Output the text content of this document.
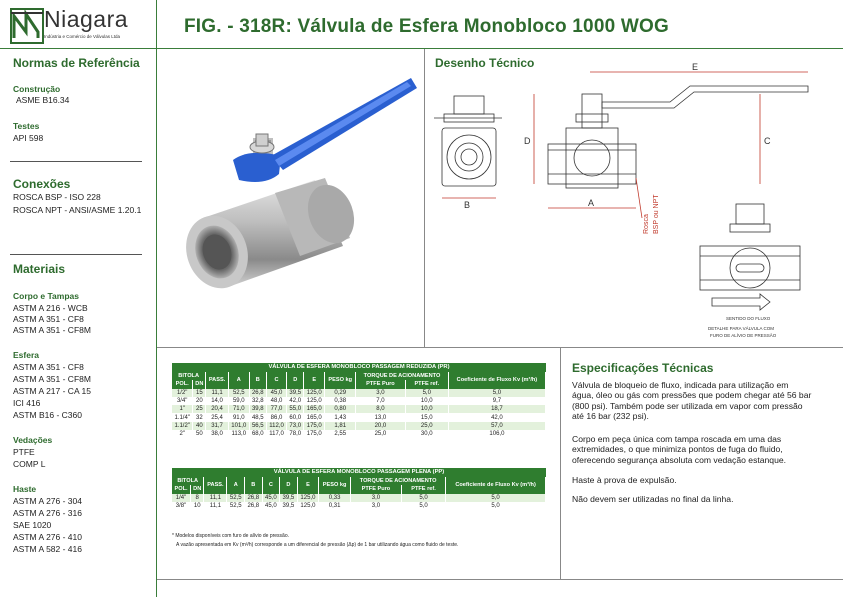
Niagara
Indústria e Comércio de Válvulas Ltda
Normas de Referência
Construção
ASME B16.34
Testes
API 598
Conexões
ROSCA BSP - ISO 228
ROSCA NPT - ANSI/ASME 1.20.1
Materiais
Corpo e Tampas
ASTM A 216 - WCB
ASTM A 351 - CF8
ASTM A 351 - CF8M
Esfera
ASTM A 351 - CF8
ASTM A 351 - CF8M
ASTM A 217 - CA 15
ICI 416
ASTM B16 - C360
Vedações
PTFE
COMP L
Haste
ASTM A 276 - 304
ASTM A 276 - 316
SAE 1020
ASTM A 276 - 410
ASTM A 582 - 416
FIG. - 318R: Válvula de Esfera Monobloco 1000 WOG
Desenho Técnico	E
D	C
B	A
Rosca BSP ou NPT
SENTIDO DO FLUXO
DETALHE PARA VÁLVULA COM
FURO DE ALÍVIO DE PRESSÃO
VÁLVULA DE ESFERA MONOBLOCO PASSAGEM REDUZIDA (PR)
BITOLA		PASS.	A	B	C	D	E	PESO kg	TORQUE DE ACIONAMENTO		Coeficiente de Fluxo Kv (m³/h)
POL.	DN								PTFE Puro	PTFE ref.	
1/2"	15	11,1	52,5	26,8	45,0	39,5	125,0	0,29	3,0	5,0	5,0
3/4"	20	14,0	59,0	32,8	48,0	42,0	125,0	0,38	7,0	10,0	9,7
1"	25	20,4	71,0	39,8	77,0	55,0	165,0	0,80	8,0	10,0	18,7
1.1/4"	32	25,4	91,0	48,5	86,0	60,0	165,0	1,43	13,0	15,0	42,0
1.1/2"	40	31,7	101,0	56,5	112,0	73,0	175,0	1,81	20,0	25,0	57,0
2"	50	38,0	113,0	68,0	117,0	78,0	175,0	2,55	25,0	30,0	106,0
VÁLVULA DE ESFERA MONOBLOCO PASSAGEM PLENA (PP)
BITOLA		PASS.	A	B	C	D	E	PESO kg	TORQUE DE ACIONAMENTO		Coeficiente de Fluxo Kv (m³/h)
POL.	DN								PTFE Puro	PTFE ref.	
1/4"	8	11,1	52,5	26,8	45,0	39,5	125,0	0,33	3,0	5,0	5,0
3/8"	10	11,1	52,5	26,8	45,0	39,5	125,0	0,31	3,0	5,0	5,0
* Modelos disponíveis com furo de alívio de pressão.
A vazão apresentada em Kv (m³/h) corresponde a um diferencial de pressão (Δp) de 1 bar utilizando água como fluido de teste.
Especificações Técnicas
Válvula de bloqueio de fluxo, indicada para utilização em água, óleo ou gás com pressões que podem chegar até 56 bar (800 psi). Também pode ser utilizada em vapor com pressão até 16 bar (232 psi).
Corpo em peça única com tampa roscada em uma das extremidades, o que minimiza pontos de fuga do fluido, oferecendo segurança absoluta com vedação estanque.
Haste à prova de expulsão.
Não devem ser utilizadas no final da linha.
